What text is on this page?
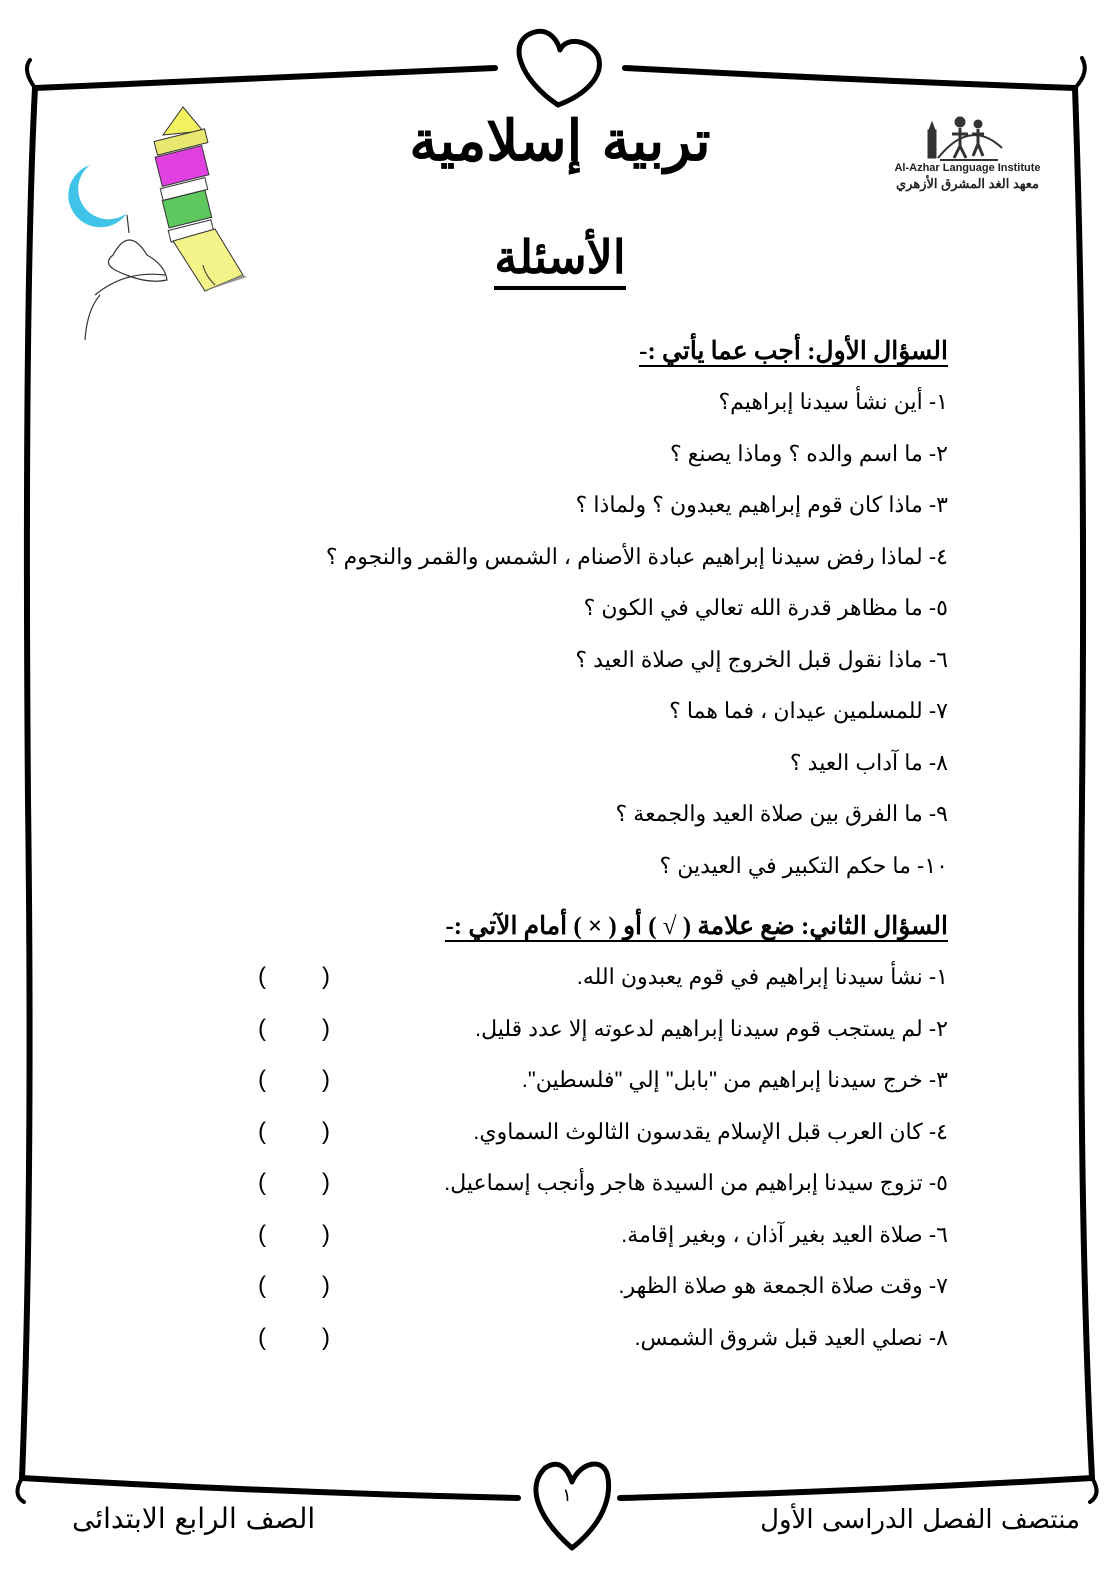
Al-Azhar Language Institute
معهد الغد المشرق الأزهري
تربية إسلامية
الأسئلة
السؤال الأول: أجب عما يأتي :-
١- أين نشأ سيدنا إبراهيم؟
٢- ما اسم والده ؟ وماذا يصنع ؟
٣- ماذا كان قوم إبراهيم يعبدون ؟ ولماذا ؟
٤- لماذا رفض سيدنا إبراهيم عبادة الأصنام ، الشمس والقمر والنجوم ؟
٥- ما مظاهر قدرة الله تعالي في الكون ؟
٦- ماذا نقول قبل الخروج إلي صلاة العيد ؟
٧- للمسلمين عيدان ، فما هما ؟
٨- ما آداب العيد ؟
٩- ما الفرق بين صلاة العيد والجمعة ؟
١٠- ما حكم التكبير في العيدين ؟
السؤال الثاني: ضع علامة ( √ ) أو ( × ) أمام الآتي :-
١- نشأ سيدنا إبراهيم في قوم يعبدون الله.
(
)
٢- لم يستجب قوم سيدنا إبراهيم لدعوته إلا عدد قليل.
(
)
٣- خرج سيدنا إبراهيم من "بابل" إلي "فلسطين".
(
)
٤- كان العرب قبل الإسلام يقدسون الثالوث السماوي.
(
)
٥- تزوج سيدنا إبراهيم من السيدة هاجر وأنجب إسماعيل.
(
)
٦- صلاة العيد بغير آذان ، وبغير إقامة.
(
)
٧- وقت صلاة الجمعة هو صلاة الظهر.
(
)
٨- نصلي العيد قبل شروق الشمس.
(
)
١
الصف الرابع الابتدائى	منتصف الفصل الدراسى الأول
